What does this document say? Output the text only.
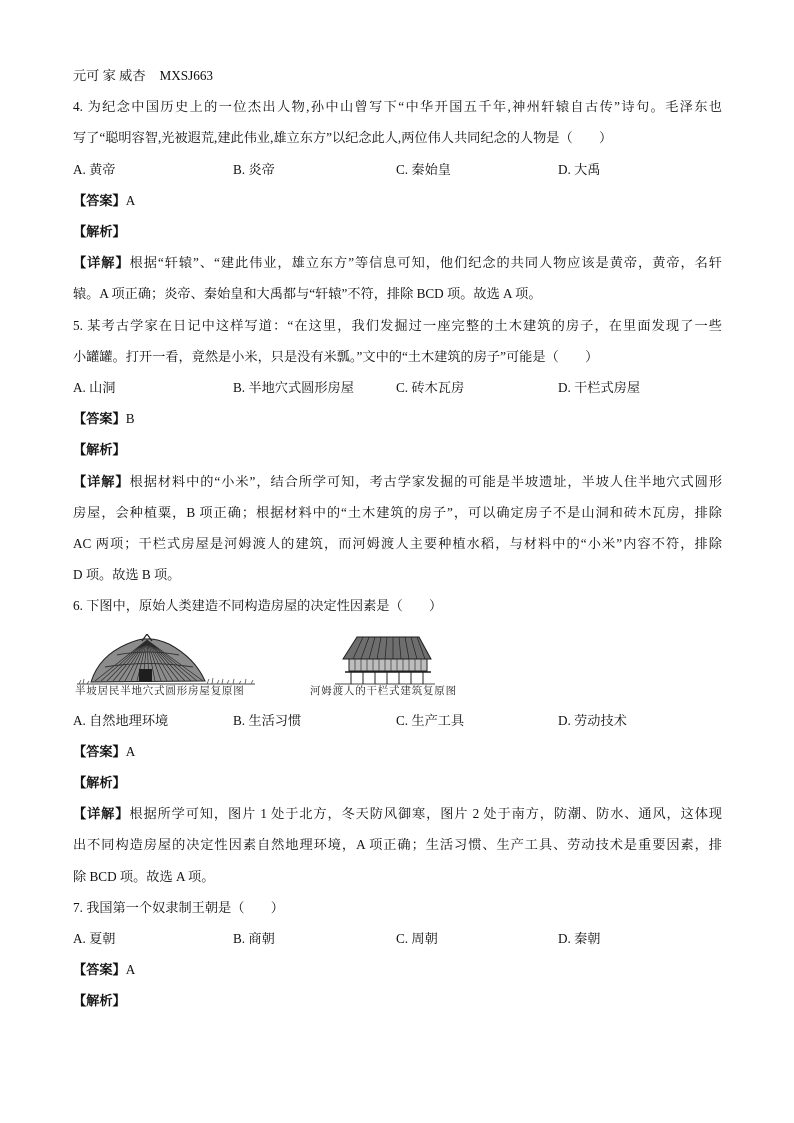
元可 家 威杏 MXSJ663
4. 为纪念中国历史上的一位杰出人物,孙中山曾写下“中华开国五千年,神州轩辕自古传”诗句。毛泽东也
写了“聪明容智,光被遐荒,建此伟业,雄立东方”以纪念此人,两位伟人共同纪念的人物是（　　）
A. 黄帝	B. 炎帝	C. 秦始皇	D. 大禹
【答案】A
【解析】
【详解】根据“轩辕”、“建此伟业，雄立东方”等信息可知，他们纪念的共同人物应该是黄帝，黄帝，名轩
辕。A 项正确；炎帝、秦始皇和大禹都与“轩辕”不符，排除 BCD 项。故选 A 项。
5. 某考古学家在日记中这样写道：“在这里，我们发掘过一座完整的土木建筑的房子，在里面发现了一些
小罐罐。打开一看，竟然是小米，只是没有米瓢。”文中的“土木建筑的房子”可能是（　　）
A. 山洞	B. 半地穴式圆形房屋	C. 砖木瓦房	D. 干栏式房屋
【答案】B
【解析】
【详解】根据材料中的“小米”，结合所学可知，考古学家发掘的可能是半坡遗址，半坡人住半地穴式圆形
房屋，会种植粟，B 项正确；根据材料中的“土木建筑的房子”，可以确定房子不是山洞和砖木瓦房，排除
AC 两项；干栏式房屋是河姆渡人的建筑，而河姆渡人主要种植水稻，与材料中的“小米”内容不符，排除
D 项。故选 B 项。
6. 下图中，原始人类建造不同构造房屋的决定性因素是（　　）
半坡居民半地穴式圆形房屋复原图	河姆渡人的干栏式建筑复原图
A. 自然地理环境	B. 生活习惯	C. 生产工具	D. 劳动技术
【答案】A
【解析】
【详解】根据所学可知，图片 1 处于北方，冬天防风御寒，图片 2 处于南方，防潮、防水、通风，这体现
出不同构造房屋的决定性因素自然地理环境，A 项正确；生活习惯、生产工具、劳动技术是重要因素，排
除 BCD 项。故选 A 项。
7. 我国第一个奴隶制王朝是（　　）
A. 夏朝	B. 商朝	C. 周朝	D. 秦朝
【答案】A
【解析】
